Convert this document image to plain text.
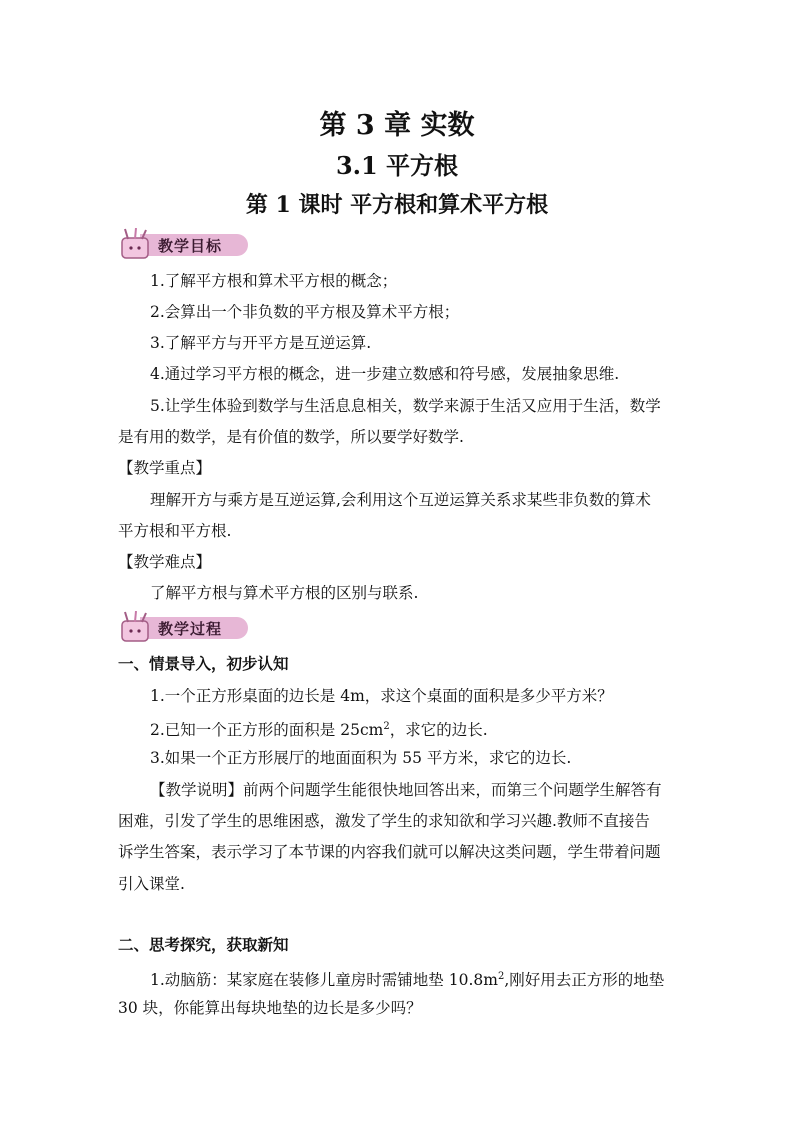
第 3 章 实数
3.1 平方根
第 1 课时 平方根和算术平方根
教学目标
1.了解平方根和算术平方根的概念；
2.会算出一个非负数的平方根及算术平方根；
3.了解平方与开平方是互逆运算.
4.通过学习平方根的概念，进一步建立数感和符号感，发展抽象思维.
5.让学生体验到数学与生活息息相关，数学来源于生活又应用于生活，数学
是有用的数学，是有价值的数学，所以要学好数学.
【教学重点】
理解开方与乘方是互逆运算,会利用这个互逆运算关系求某些非负数的算术
平方根和平方根.
【教学难点】
了解平方根与算术平方根的区别与联系.
教学过程
一、情景导入，初步认知
1.一个正方形桌面的边长是 4m，求这个桌面的面积是多少平方米？
2.已知一个正方形的面积是 $25cm^2$，求它的边长.
3.如果一个正方形展厅的地面面积为 55 平方米，求它的边长.
【教学说明】前两个问题学生能很快地回答出来，而第三个问题学生解答有
困难，引发了学生的思维困惑，激发了学生的求知欲和学习兴趣.教师不直接告
诉学生答案，表示学习了本节课的内容我们就可以解决这类问题，学生带着问题
引入课堂.
二、思考探究，获取新知
1.动脑筋：某家庭在装修儿童房时需铺地垫 $10.8m^2$,刚好用去正方形的地垫
30 块，你能算出每块地垫的边长是多少吗？
